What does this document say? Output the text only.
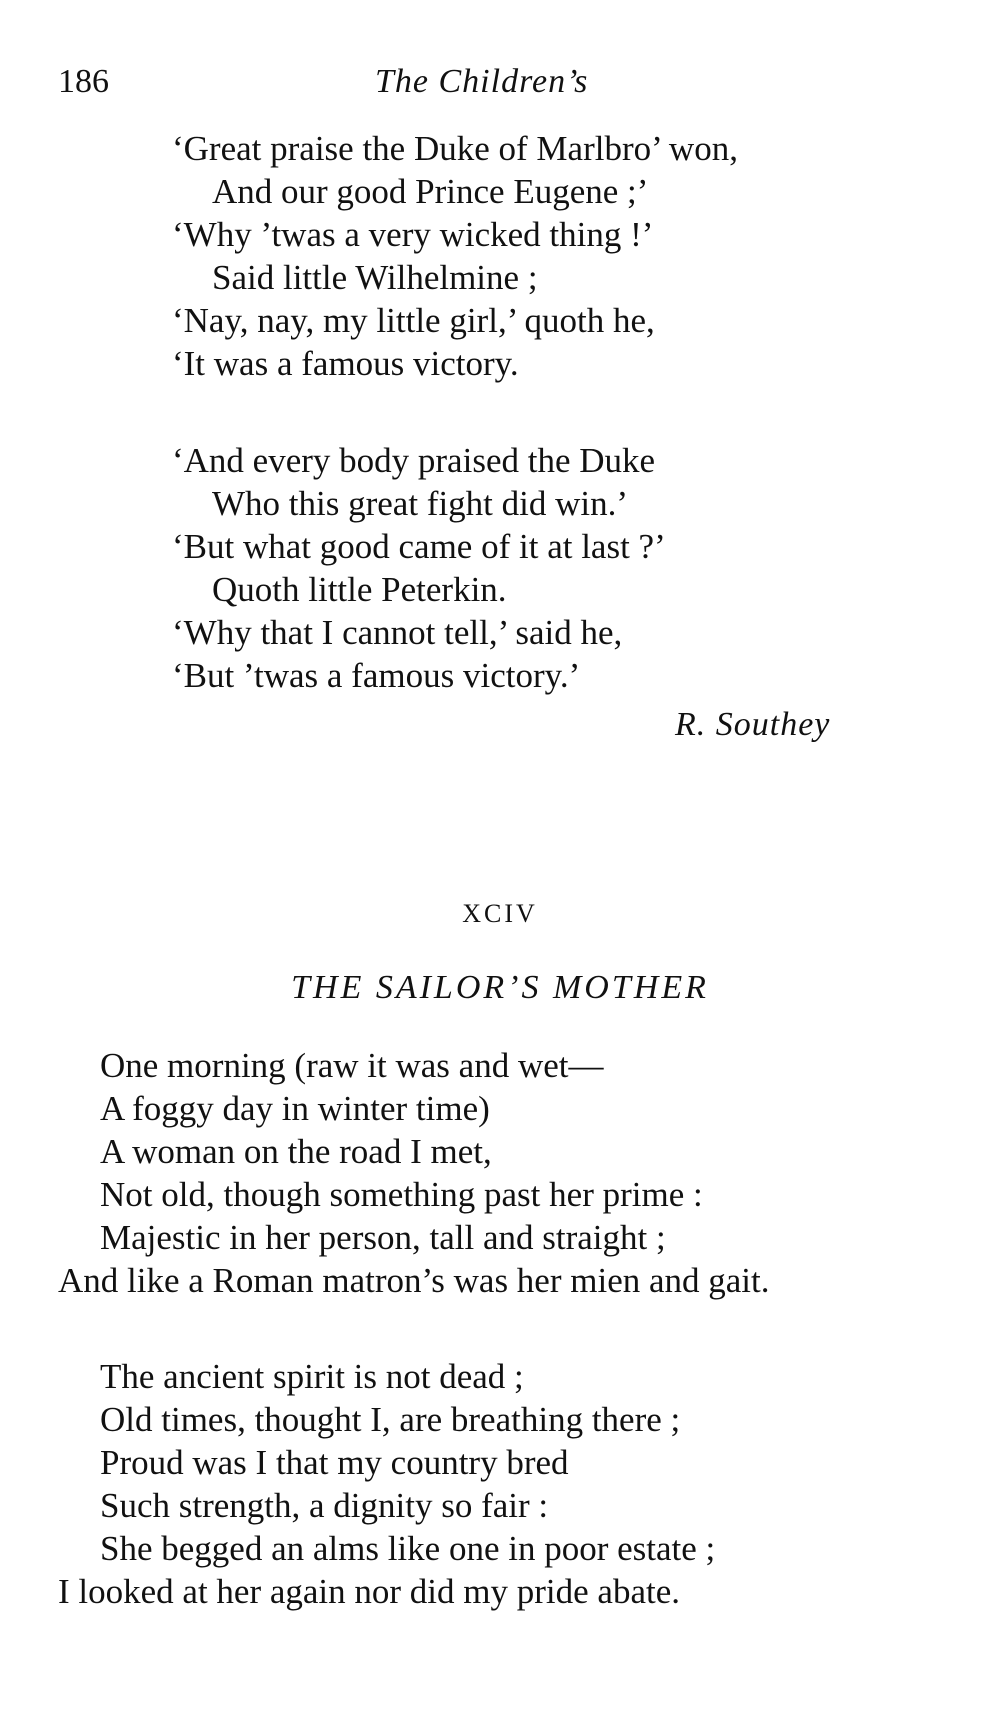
186	The Children’s
‘Great praise the Duke of Marlbro’ won,
And our good Prince Eugene ;’
‘Why ’twas a very wicked thing !’
Said little Wilhelmine ;
‘Nay, nay, my little girl,’ quoth he,
‘It was a famous victory.
‘And every body praised the Duke
Who this great fight did win.’
‘But what good came of it at last ?’
Quoth little Peterkin.
‘Why that I cannot tell,’ said he,
‘But ’twas a famous victory.’
R. Southey
XCIV
THE SAILOR’S MOTHER
One morning (raw it was and wet—
A foggy day in winter time)
A woman on the road I met,
Not old, though something past her prime :
Majestic in her person, tall and straight ;
And like a Roman matron’s was her mien and gait.
The ancient spirit is not dead ;
Old times, thought I, are breathing there ;
Proud was I that my country bred
Such strength, a dignity so fair :
She begged an alms like one in poor estate ;
I looked at her again nor did my pride abate.
